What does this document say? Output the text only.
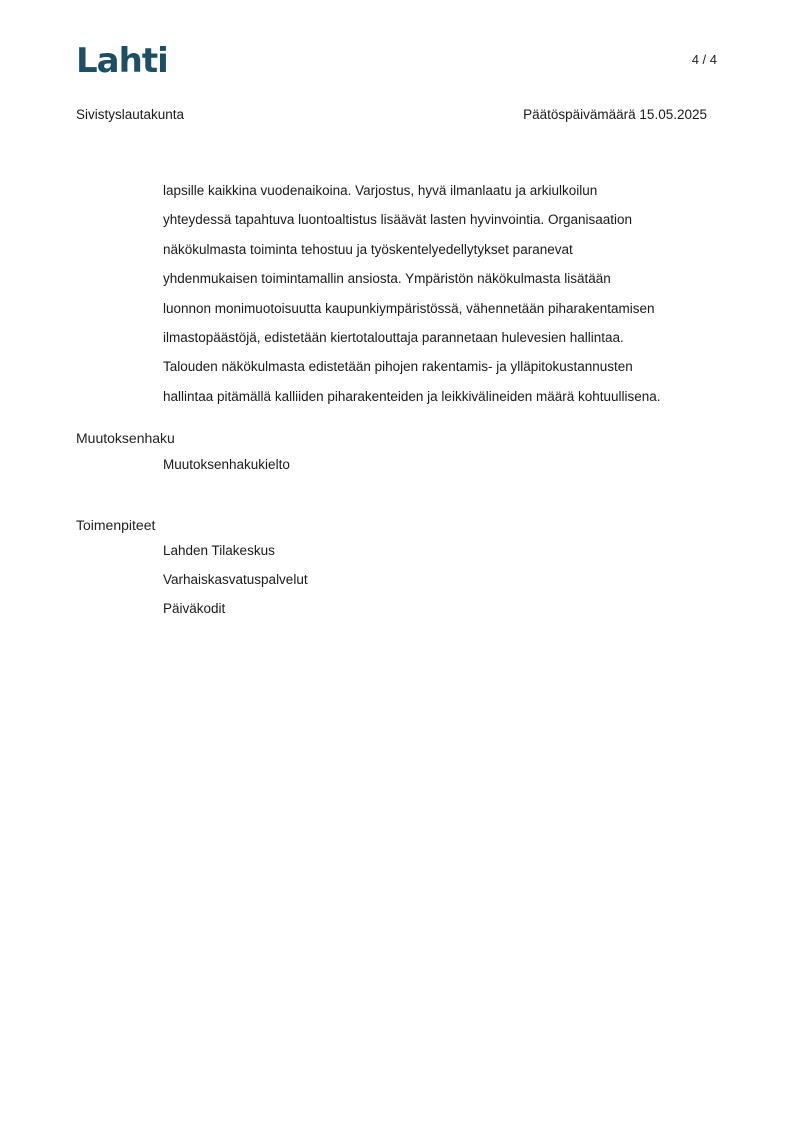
Lahti	4 / 4
Sivistyslautakunta	Päätöspäivämäärä 15.05.2025
lapsille kaikkina vuodenaikoina. Varjostus, hyvä ilmanlaatu ja arkiulkoilun
yhteydessä tapahtuva luontoaltistus lisäävät lasten hyvinvointia. Organisaation
näkökulmasta toiminta tehostuu ja työskentelyedellytykset paranevat
yhdenmukaisen toimintamallin ansiosta. Ympäristön näkökulmasta lisätään
luonnon monimuotoisuutta kaupunkiympäristössä, vähennetään piharakentamisen
ilmastopäästöjä, edistetään kiertotalouttaja parannetaan hulevesien hallintaa.
Talouden näkökulmasta edistetään pihojen rakentamis- ja ylläpitokustannusten
hallintaa pitämällä kalliiden piharakenteiden ja leikkivälineiden määrä kohtuullisena.
Muutoksenhaku
Muutoksenhakukielto
Toimenpiteet
Lahden Tilakeskus
Varhaiskasvatuspalvelut
Päiväkodit
